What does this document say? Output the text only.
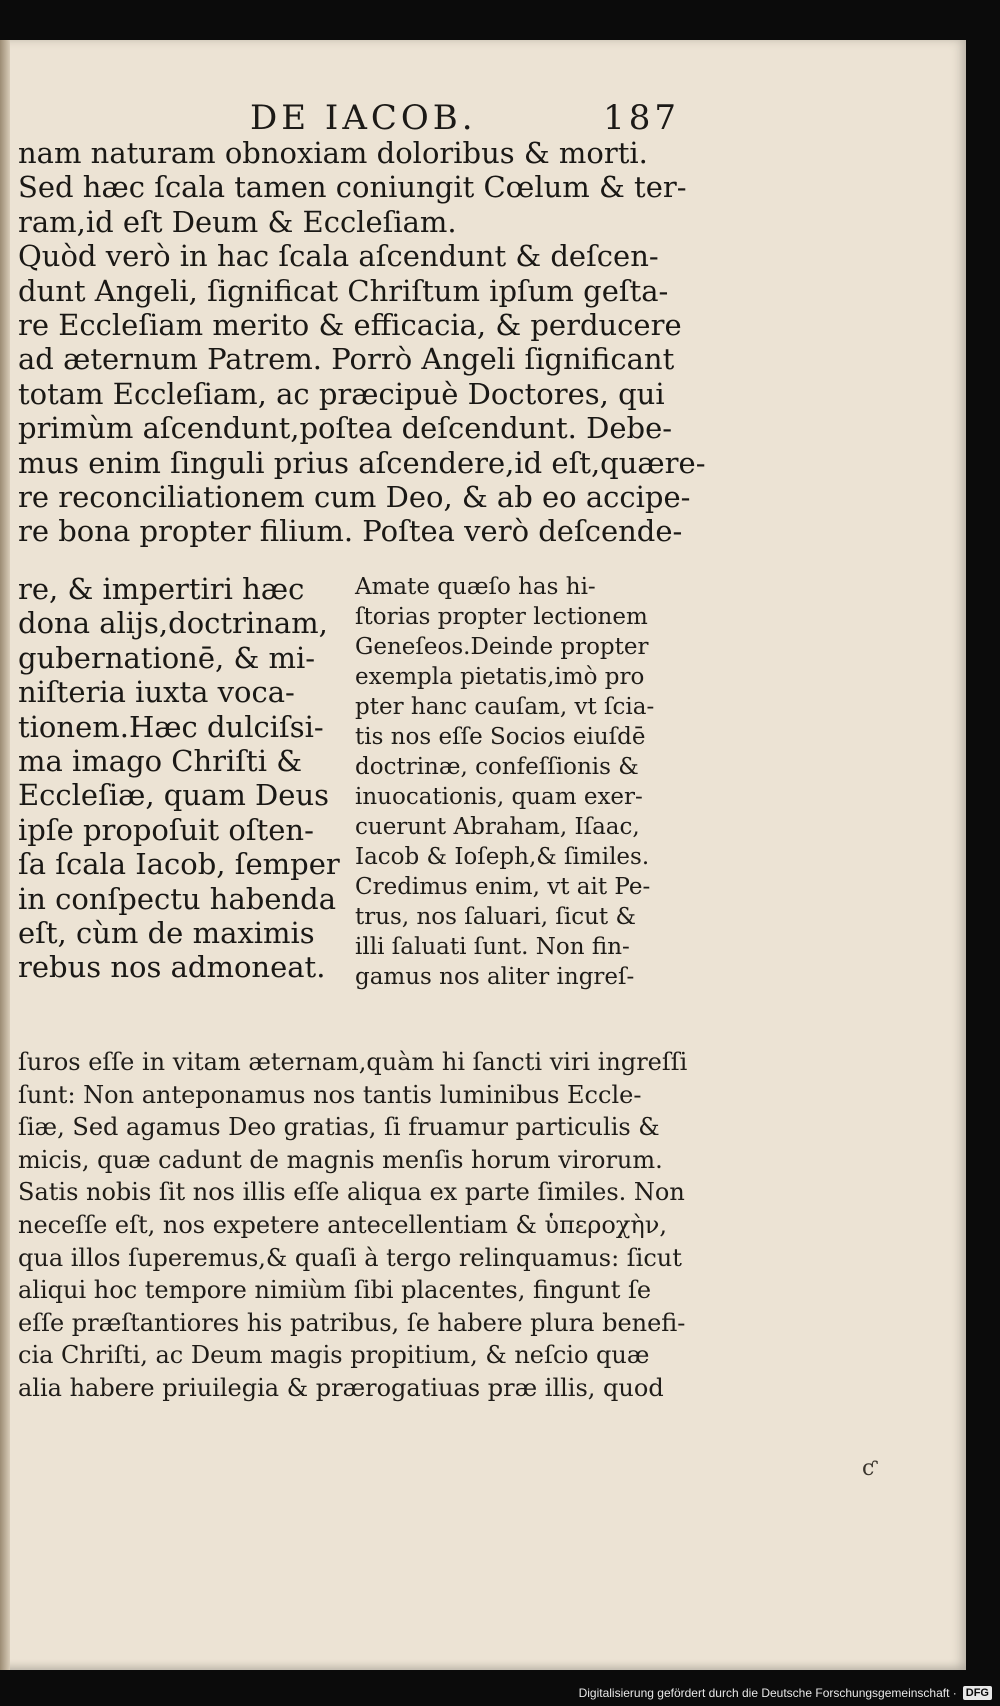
DE IACOB.	187
nam naturam obnoxiam doloribus & morti.
Sed hæc ſcala tamen coniungit Cœlum & ter-
ram,id eſt Deum & Eccleſiam.
Quòd verò in hac ſcala aſcendunt & deſcen-
dunt Angeli, ſignificat Chriſtum ipſum geſta-
re Eccleſiam merito & efficacia, & perducere
ad æternum Patrem. Porrò Angeli ſignificant
totam Eccleſiam, ac præcipuè Doctores, qui
primùm aſcendunt,poſtea deſcendunt. Debe-
mus enim ſinguli prius aſcendere,id eſt,quære-
re reconciliationem cum Deo, & ab eo accipe-
re bona propter filium. Poſtea verò deſcende-
re, & impertiri hæc
dona alijs,doctrinam,
gubernationē, & mi-
niſteria iuxta voca-
tionem.Hæc dulciſsi-
ma imago Chriſti &
Eccleſiæ, quam Deus
ipſe propoſuit oſten-
ſa ſcala Iacob, ſemper
in conſpectu habenda
eſt, cùm de maximis
rebus nos admoneat.
Amate quæſo has hi-
ſtorias propter lectionem
Geneſeos.Deinde propter
exempla pietatis,imò pro
pter hanc cauſam, vt ſcia-
tis nos eſſe Socios eiuſdē
doctrinæ, confeſſionis &
inuocationis, quam exer-
cuerunt Abraham, Iſaac,
Iacob & Ioſeph,& ſimiles.
Credimus enim, vt ait Pe-
trus, nos ſaluari, ſicut &
illi ſaluati ſunt. Non fin-
gamus nos aliter ingreſ-
ſuros eſſe in vitam æternam,quàm hi ſancti viri ingreſſi
ſunt: Non anteponamus nos tantis luminibus Eccle-
ſiæ, Sed agamus Deo gratias, ſi fruamur particulis &
micis, quæ cadunt de magnis menſis horum virorum.
Satis nobis ſit nos illis eſſe aliqua ex parte ſimiles. Non
neceſſe eſt, nos expetere antecellentiam & ὑπεροχὴν,
qua illos ſuperemus,& quaſi à tergo relinquamus: ſicut
aliqui hoc tempore nimiùm ſibi placentes, fingunt ſe
eſſe præſtantiores his patribus, ſe habere plura benefi-
cia Chriſti, ac Deum magis propitium, & neſcio quæ
alia habere priuilegia & prærogatiuas præ illis, quod
ƈ
Digitalisierung gefördert durch die Deutsche Forschungsgemeinschaft · DFG
